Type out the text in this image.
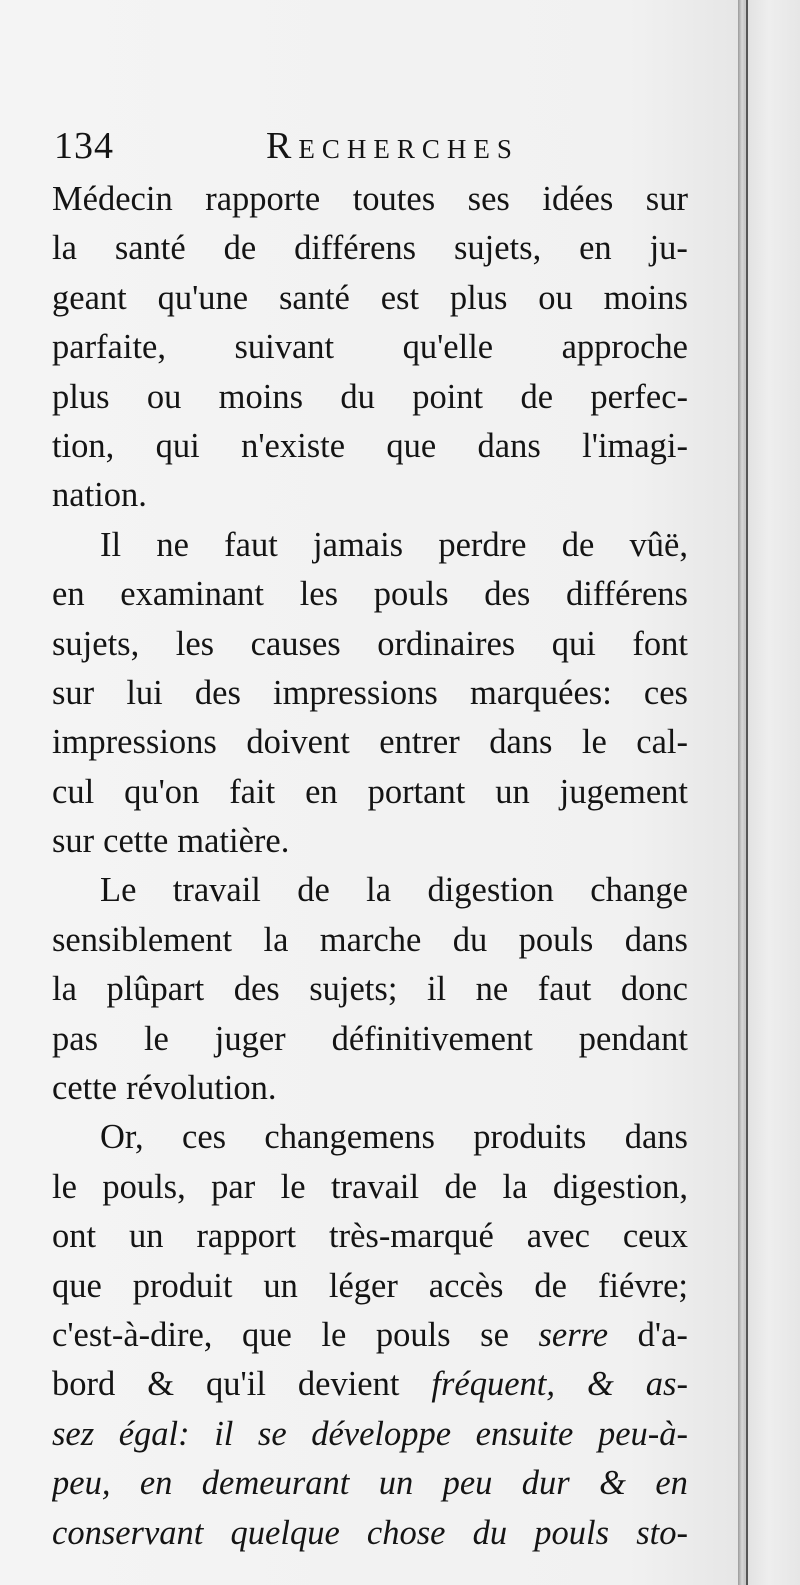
134	Recherches
Médecin rapporte toutes ses idées sur
la santé de différens sujets, en ju-
geant qu'une santé est plus ou moins
parfaite, suivant qu'elle approche
plus ou moins du point de perfec-
tion, qui n'existe que dans l'imagi-
nation.
Il ne faut jamais perdre de vûë,
en examinant les pouls des différens
sujets, les causes ordinaires qui font
sur lui des impressions marquées: ces
impressions doivent entrer dans le cal-
cul qu'on fait en portant un jugement
sur cette matière.
Le travail de la digestion change
sensiblement la marche du pouls dans
la plûpart des sujets; il ne faut donc
pas le juger définitivement pendant
cette révolution.
Or, ces changemens produits dans
le pouls, par le travail de la digestion,
ont un rapport très-marqué avec ceux
que produit un léger accès de fiévre;
c'est-à-dire, que le pouls se serre d'a-
bord & qu'il devient fréquent, & as-
sez égal: il se développe ensuite peu-à-
peu, en demeurant un peu dur & en
conservant quelque chose du pouls sto-
